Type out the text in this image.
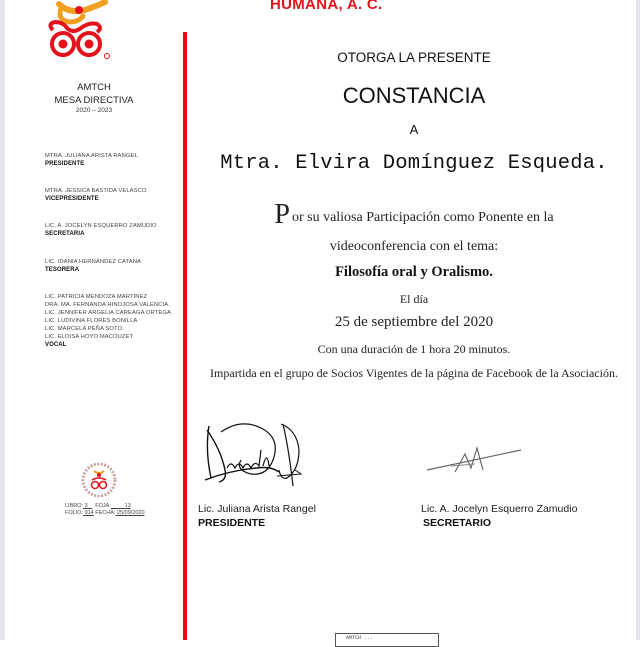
HUMANA, A. C.
AMTCH
MESA DIRECTIVA
2020 – 2023
MTRA. JULIANA ARISTA RANGEL
PRESIDENTE
MTRA. JESSICA BASTIDA VELASCO
VICEPRESIDENTE
LIC. A. JOCELYN ESQUERRO ZAMUDIO
SECRETARIA
LIC. IDANIA HERNÁNDEZ CATANA
TESORERA
LIC. PATRICIA MENDOZA MARTÍNEZ
DRA. MA. FERNANDA HINOJOSA VALENCIA.
LIC. JENNIFER ARGELIA CAREAGA ORTEGA
LIC. LUDIVINA FLORES BONILLA
LIC. MARCELA PEÑA SOTO.
LIC. ELOISA HOYO MACOUZET
VOCAL
LIBRO: 3 FOJA:	13
FOLIO: 914 FECHA: 25/09/2020
OTORGA LA PRESENTE
CONSTANCIA
A
Mtra. Elvira Domínguez Esqueda.
Por su valiosa Participación como Ponente en la
videoconferencia con el tema:
Filosofía oral y Oralismo.
El día
25 de septiembre del 2020
Con una duración de 1 hora 20 minutos.
Impartida en el grupo de Socios Vigentes de la página de Facebook de la Asociación.
Lic. Juliana Arista Rangel
PRESIDENTE
Lic. A. Jocelyn Esquerro Zamudio
SECRETARIO
AMTCH ...
